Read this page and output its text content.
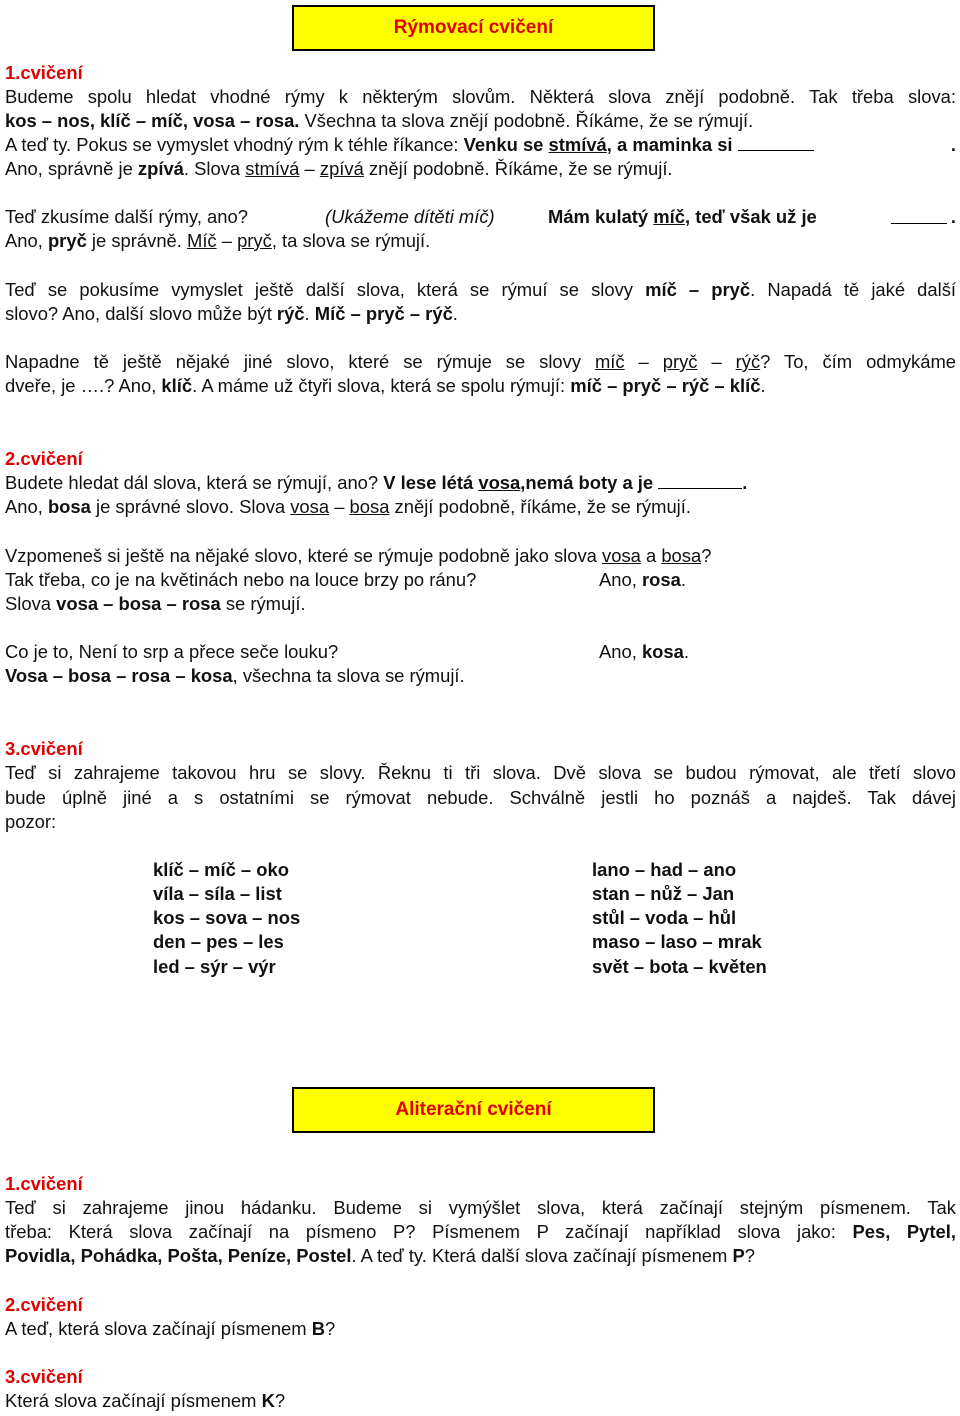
Rýmovací cvičení
1.cvičení
Budeme spolu hledat vhodné rýmy k některým slovům. Některá slova znějí podobně. Tak třeba slova:
kos – nos, klíč – míč, vosa – rosa. Všechna ta slova znějí podobně. Říkáme, že se rýmují.
A teď ty. Pokus se vymyslet vhodný rým k téhle říkance: Venku se stmívá, a maminka si	.
Ano, správně je zpívá. Slova stmívá – zpívá znějí podobně. Říkáme, že se rýmují.
Teď zkusíme další rýmy, ano?	(Ukážeme dítěti míč)	Mám kulatý míč, teď však už je	.
Ano, pryč je správně. Míč – pryč, ta slova se rýmují.
Teď se pokusíme vymyslet ještě další slova, která se rýmuí se slovy míč – pryč. Napadá tě jaké další
slovo? Ano, další slovo může být rýč. Míč – pryč – rýč.
Napadne tě ještě nějaké jiné slovo, které se rýmuje se slovy míč – pryč – rýč? To, čím odmykáme
dveře, je ….? Ano, klíč. A máme už čtyři slova, která se spolu rýmují: míč – pryč – rýč – klíč.
2.cvičení
Budete hledat dál slova, která se rýmují, ano? V lese létá vosa,nemá boty a je	.
Ano, bosa je správné slovo. Slova vosa – bosa znějí podobně, říkáme, že se rýmují.
Vzpomeneš si ještě na nějaké slovo, které se rýmuje podobně jako slova vosa a bosa?
Tak třeba, co je na květinách nebo na louce brzy po ránu?	Ano, rosa.
Slova vosa – bosa – rosa se rýmují.
Co je to, Není to srp a přece seče louku?	Ano, kosa.
Vosa – bosa – rosa – kosa, všechna ta slova se rýmují.
3.cvičení
Teď si zahrajeme takovou hru se slovy. Řeknu ti tři slova. Dvě slova se budou rýmovat, ale třetí slovo
bude úplně jiné a s ostatními se rýmovat nebude. Schválně jestli ho poznáš a najdeš. Tak dávej
pozor:
klíč – míč – oko	lano – had – ano
víla – síla – list	stan – nůž – Jan
kos – sova – nos	stůl – voda – hůl
den – pes – les	maso – laso – mrak
led – sýr – výr	svět – bota – květen
Aliterační cvičení
1.cvičení
Teď si zahrajeme jinou hádanku. Budeme si vymýšlet slova, která začínají stejným písmenem. Tak
třeba: Která slova začínají na písmeno P? Písmenem P začínají například slova jako: Pes, Pytel,
Povidla, Pohádka, Pošta, Peníze, Postel. A teď ty. Která další slova začínají písmenem P?
2.cvičení
A teď, která slova začínají písmenem B?
3.cvičení
Která slova začínají písmenem K?
